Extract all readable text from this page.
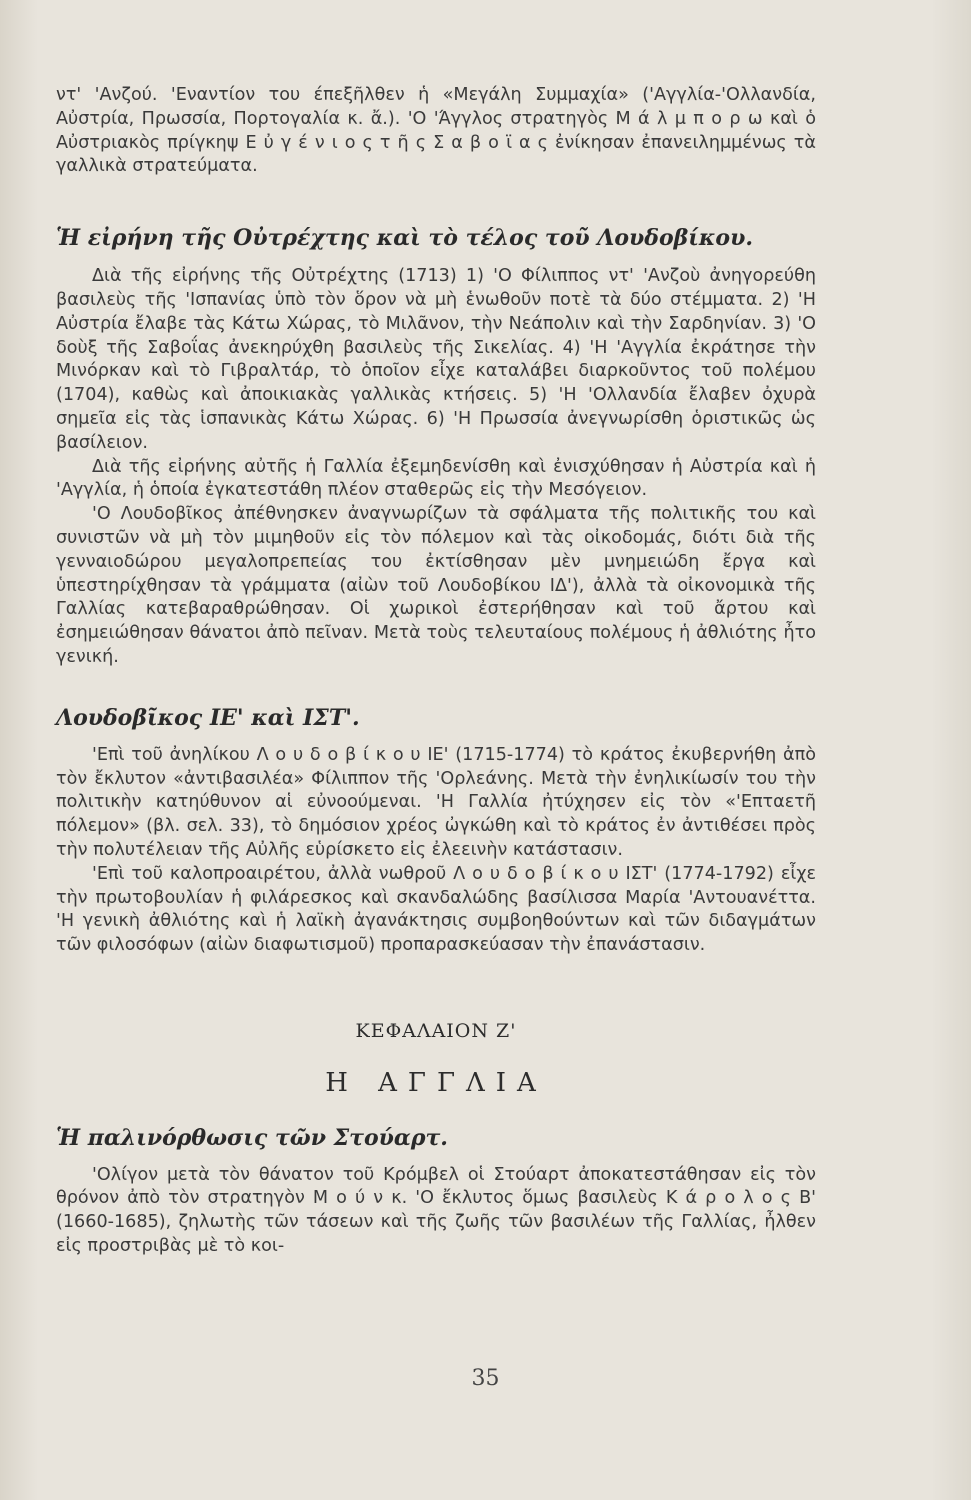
ντ' 'Ανζού. 'Εναντίον του έπεξῆλθεν ἡ «Μεγάλη Συμμαχία» ('Αγγλία-'Ολλανδία, Αὐστρία, Πρωσσία, Πορτογαλία κ. ἄ.). 'Ο 'Άγγλος στρατηγὸς Μ ά λ μ π ο ρ ω καὶ ὁ Αὐστριακὸς πρίγκηψ Ε ὐ γ έ ν ι ο ς τ ῆ ς Σ α β ο ϊ α ς ἐνίκησαν ἐπανειλημμένως τὰ γαλλικὰ στρατεύματα.

Ἡ εἰρήνη τῆς Οὐτρέχτης καὶ τὸ τέλος τοῦ Λουδοβίκου.

Διὰ τῆς εἰρήνης τῆς Οὐτρέχτης (1713) 1) 'Ο Φίλιππος ντ' 'Ανζοὺ ἀνηγορεύθη βασιλεὺς τῆς 'Ισπανίας ὑπὸ τὸν ὅρον νὰ μὴ ἑνωθοῦν ποτὲ τὰ δύο στέμματα. 2) 'Η Αὐστρία ἔλαβε τὰς Κάτω Χώρας, τὸ Μιλᾶνον, τὴν Νεάπολιν καὶ τὴν Σαρδηνίαν. 3) 'Ο δοὺξ τῆς Σαβοΐας ἀνεκηρύχθη βασιλεὺς τῆς Σικελίας. 4) 'Η 'Αγγλία ἐκράτησε τὴν Μινόρκαν καὶ τὸ Γιβραλτάρ, τὸ ὁποῖον εἶχε καταλάβει διαρκοῦντος τοῦ πολέμου (1704), καθὼς καὶ ἀποικιακὰς γαλλικὰς κτήσεις. 5) 'Η 'Ολλανδία ἔλαβεν ὀχυρὰ σημεῖα εἰς τὰς ἱσπανικὰς Κάτω Χώρας. 6) 'Η Πρωσσία ἀνεγνωρίσθη ὁριστικῶς ὡς βασίλειον.

Διὰ τῆς εἰρήνης αὐτῆς ἡ Γαλλία ἐξεμηδενίσθη καὶ ἐνισχύθησαν ἡ Αὐστρία καὶ ἡ 'Αγγλία, ἡ ὁποία ἐγκατεστάθη πλέον σταθερῶς εἰς τὴν Μεσόγειον.

'Ο Λουδοβῖκος ἀπέθνησκεν ἀναγνωρίζων τὰ σφάλματα τῆς πολιτικῆς του καὶ συνιστῶν νὰ μὴ τὸν μιμηθοῦν εἰς τὸν πόλεμον καὶ τὰς οἰκοδομάς, διότι διὰ τῆς γενναιοδώρου μεγαλοπρεπείας του ἐκτίσθησαν μὲν μνημειώδη ἔργα καὶ ὑπεστηρίχθησαν τὰ γράμματα (αἰὼν τοῦ Λουδοβίκου ΙΔ'), ἀλλὰ τὰ οἰκονομικὰ τῆς Γαλλίας κατεβαραθρώθησαν. Οἱ χωρικοὶ ἐστερήθησαν καὶ τοῦ ἄρτου καὶ ἐσημειώθησαν θάνατοι ἀπὸ πεῖναν. Μετὰ τοὺς τελευταίους πολέμους ἡ ἀθλιότης ἦτο γενική.

Λουδοβῖκος ΙΕ' καὶ ΙΣΤ'.

'Επὶ τοῦ ἀνηλίκου Λ ο υ δ ο β ί κ ο υ ΙΕ' (1715-1774) τὸ κράτος ἐκυβερνήθη ἀπὸ τὸν ἔκλυτον «ἀντιβασιλέα» Φίλιππον τῆς 'Ορλεάνης. Μετὰ τὴν ἐνηλικίωσίν του τὴν πολιτικὴν κατηύθυνον αἱ εὐνοούμεναι. 'Η Γαλλία ἠτύχησεν εἰς τὸν «'Επταετῆ πόλεμον» (βλ. σελ. 33), τὸ δημόσιον χρέος ὠγκώθη καὶ τὸ κράτος ἐν ἀντιθέσει πρὸς τὴν πολυτέλειαν τῆς Αὐλῆς εὑρίσκετο εἰς ἐλεεινὴν κατάστασιν.

'Επὶ τοῦ καλοπροαιρέτου, ἀλλὰ νωθροῦ Λ ο υ δ ο β ί κ ο υ ΙΣΤ' (1774-1792) εἶχε τὴν πρωτοβουλίαν ἡ φιλάρεσκος καὶ σκανδαλώδης βασίλισσα Μαρία 'Αντουανέττα. 'Η γενικὴ ἀθλιότης καὶ ἡ λαϊκὴ ἀγανάκτησις συμβοηθούντων καὶ τῶν διδαγμάτων τῶν φιλοσόφων (αἰὼν διαφωτισμοῦ) προπαρασκεύασαν τὴν ἐπανάστασιν.

ΚΕΦΑΛΑΙΟΝ Ζ'
Η ΑΓΓΛΙΑ
Ἡ παλινόρθωσις τῶν Στούαρτ.

'Ολίγον μετὰ τὸν θάνατον τοῦ Κρόμβελ οἱ Στούαρτ ἀποκατεστάθησαν εἰς τὸν θρόνον ἀπὸ τὸν στρατηγὸν Μ ο ύ ν κ. 'Ο ἔκλυτος ὅμως βασιλεὺς Κ ά ρ ο λ ο ς Β' (1660-1685), ζηλωτὴς τῶν τάσεων καὶ τῆς ζωῆς τῶν βασιλέων τῆς Γαλλίας, ἦλθεν εἰς προστριβὰς μὲ τὸ κοι-

35
